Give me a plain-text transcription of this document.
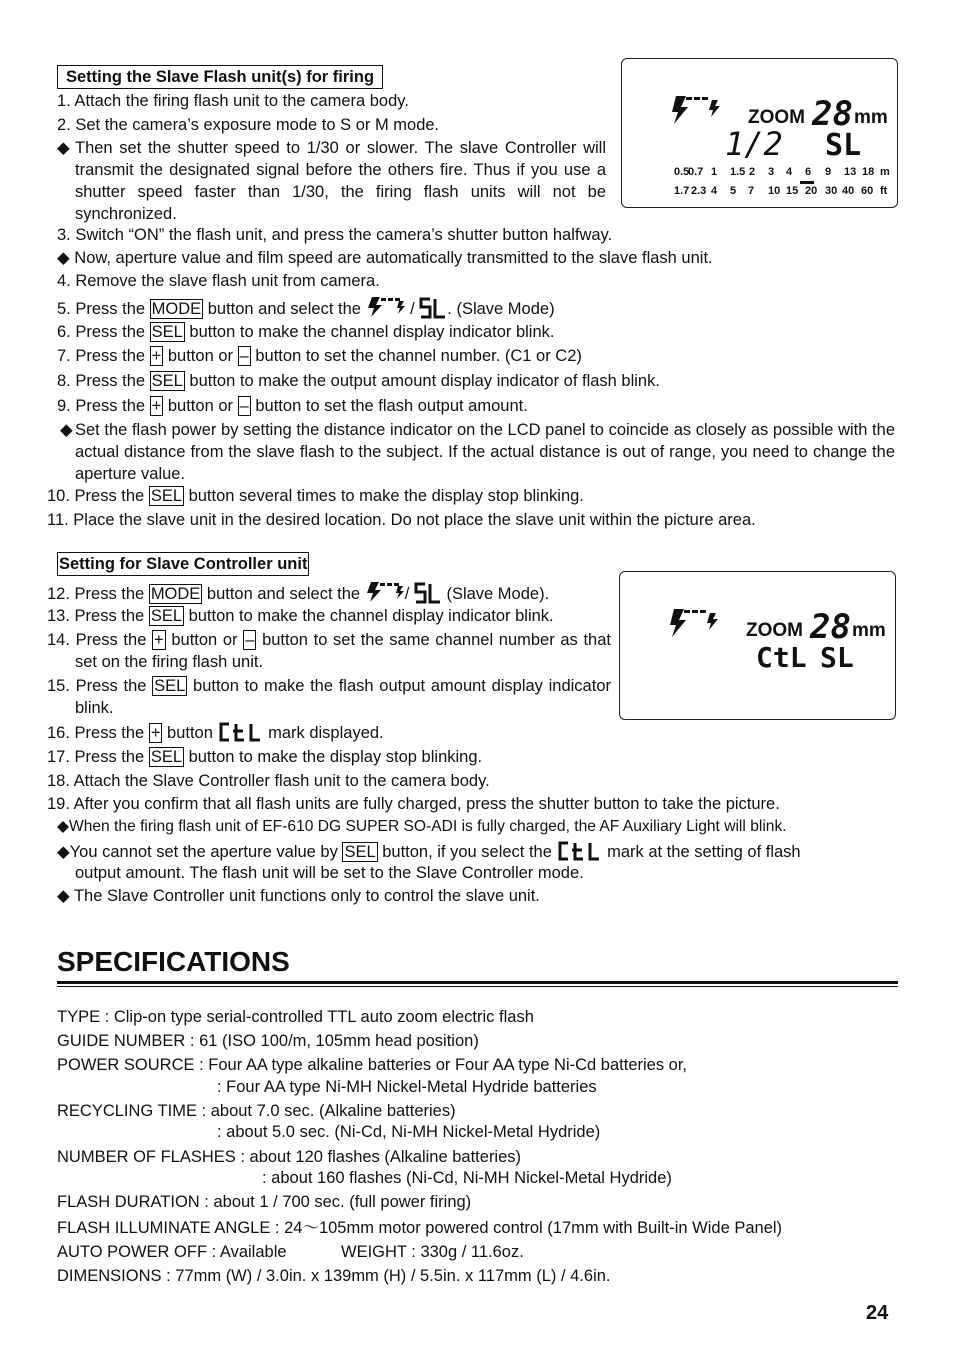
Setting the Slave Flash unit(s) for firing
1. Attach the firing flash unit to the camera body.
2. Set the camera’s exposure mode to S or M mode.
◆ Then set the shutter speed to 1/30 or slower. The slave Controller will transmit the designated signal before the others fire. Thus if you use a shutter speed faster than 1/30, the firing flash units will not be synchronized.
3. Switch “ON” the flash unit, and press the camera’s shutter button halfway.
◆ Now, aperture value and film speed are automatically transmitted to the slave flash unit.
4. Remove the slave flash unit from camera.
5. Press the MODE button and select the  / . (Slave Mode)
6. Press the SEL button to make the channel display indicator blink.
7. Press the + button or – button to set the channel number. (C1 or C2)
8. Press the SEL button to make the output amount display indicator of flash blink.
9. Press the + button or – button to set the flash output amount.
◆ Set the flash power by setting the distance indicator on the LCD panel to coincide as closely as possible with the actual distance from the slave flash to the subject. If the actual distance is out of range, you need to change the aperture value.
10. Press the SEL button several times to make the display stop blinking.
11. Place the slave unit in the desired location. Do not place the slave unit within the picture area.
ZOOM 28 mm
1/2 SL
0.5
0.7 1 1.5 2 3 4 6 9 13 18 m
1.7 2.3 4 5 7 10 15 20 30 40 60 ft
Setting for Slave Controller unit
12. Press the MODE button and select the /  (Slave Mode).
13. Press the SEL button to make the channel display indicator blink.
14. Press the + button or – button to set the same channel number as that set on the firing flash unit.
15. Press the SEL button to make the flash output amount display indicator blink.
16. Press the + button	mark displayed.
17. Press the SEL button to make the display stop blinking.
18. Attach the Slave Controller flash unit to the camera body.
19. After you confirm that all flash units are fully charged, press the shutter button to take the picture.
◆When the firing flash unit of EF-610 DG SUPER SO-ADI is fully charged, the AF Auxiliary Light will blink.
◆You cannot set the aperture value by SEL button, if you select the	mark at the setting of flash
output amount. The flash unit will be set to the Slave Controller mode.
◆ The Slave Controller unit functions only to control the slave unit.
ZOOM 28 mm
CtL SL
SPECIFICATIONS
TYPE : Clip-on type serial-controlled TTL auto zoom electric flash
GUIDE NUMBER : 61 (ISO 100/m, 105mm head position)
POWER SOURCE : Four AA type alkaline batteries or Four AA type Ni-Cd batteries or,
: Four AA type Ni-MH Nickel-Metal Hydride batteries
RECYCLING TIME : about 7.0 sec. (Alkaline batteries)
: about 5.0 sec. (Ni-Cd, Ni-MH Nickel-Metal Hydride)
NUMBER OF FLASHES : about 120 flashes (Alkaline batteries)
: about 160 flashes (Ni-Cd, Ni-MH Nickel-Metal Hydride)
FLASH DURATION : about 1 / 700 sec. (full power firing)
FLASH ILLUMINATE ANGLE : 24～105mm motor powered control (17mm with Built-in Wide Panel)
AUTO POWER OFF : Available	WEIGHT : 330g / 11.6oz.
DIMENSIONS : 77mm (W) / 3.0in. x 139mm (H) / 5.5in. x 117mm (L) / 4.6in.
24
